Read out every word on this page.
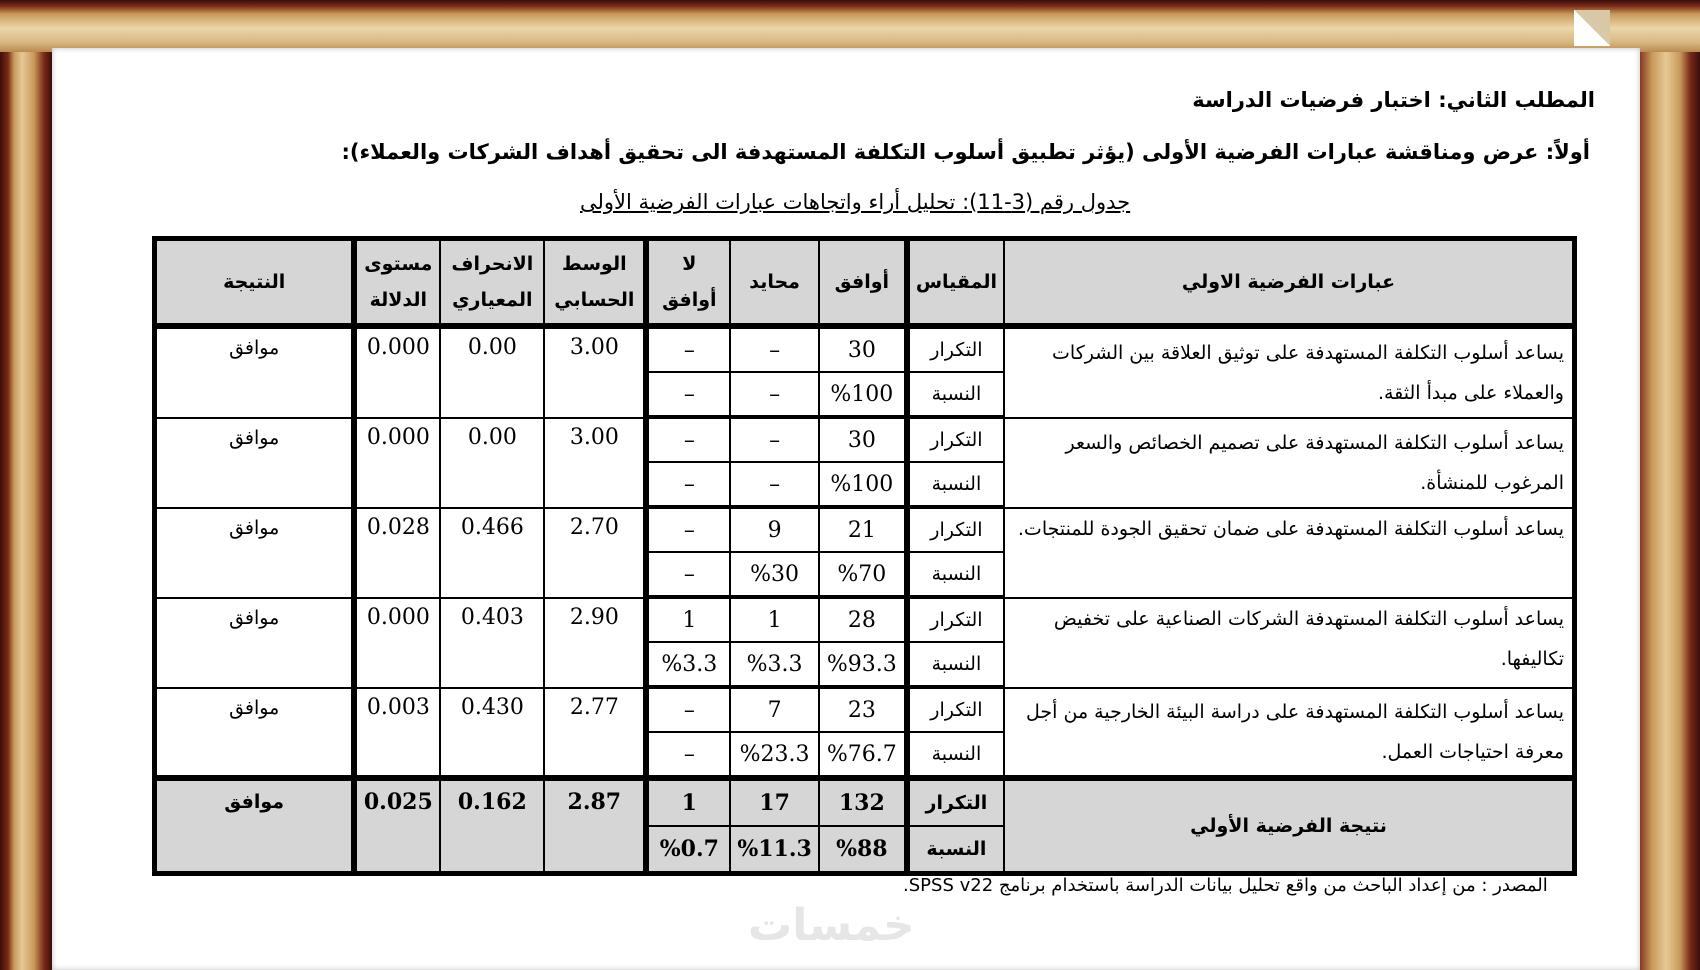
المطلب الثاني: اختبار فرضيات الدراسة
أولاً: عرض ومناقشة عبارات الفرضية الأولى (يؤثر تطبيق أسلوب التكلفة المستهدفة الى تحقيق أهداف الشركات والعملاء):
جدول رقم (3-11): تحليل أراء واتجاهات عبارات الفرضية الأولى
عبارات الفرضية الاولي	المقياس	أوافق	محايد	لا أوافق	الوسط الحسابي	الانحراف المعياري	مستوى الدلالة	النتيجة
يساعد أسلوب التكلفة المستهدفة على توثيق العلاقة بين الشركات والعملاء على مبدأ الثقة.	التكرار	30	–	–	3.00	0.00	0.000	موافق
	النسبة	%100	–	–				
يساعد أسلوب التكلفة المستهدفة على تصميم الخصائص والسعر المرغوب للمنشأة.	التكرار	30	–	–	3.00	0.00	0.000	موافق
	النسبة	%100	–	–				
يساعد أسلوب التكلفة المستهدفة على ضمان تحقيق الجودة للمنتجات.	التكرار	21	9	–	2.70	0.466	0.028	موافق
	النسبة	%70	%30	–				
يساعد أسلوب التكلفة المستهدفة الشركات الصناعية على تخفيض تكاليفها.	التكرار	28	1	1	2.90	0.403	0.000	موافق
	النسبة	%93.3	%3.3	%3.3				
يساعد أسلوب التكلفة المستهدفة على دراسة البيئة الخارجية من أجل معرفة احتياجات العمل.	التكرار	23	7	–	2.77	0.430	0.003	موافق
	النسبة	%76.7	%23.3	–				
نتيجة الفرضية الأولي	التكرار	132	17	1	2.87	0.162	0.025	موافق
	النسبة	%88	%11.3	%0.7				
المصدر : من إعداد الباحث من واقع تحليل بيانات الدراسة باستخدام برنامج SPSS v22.
خمسات
